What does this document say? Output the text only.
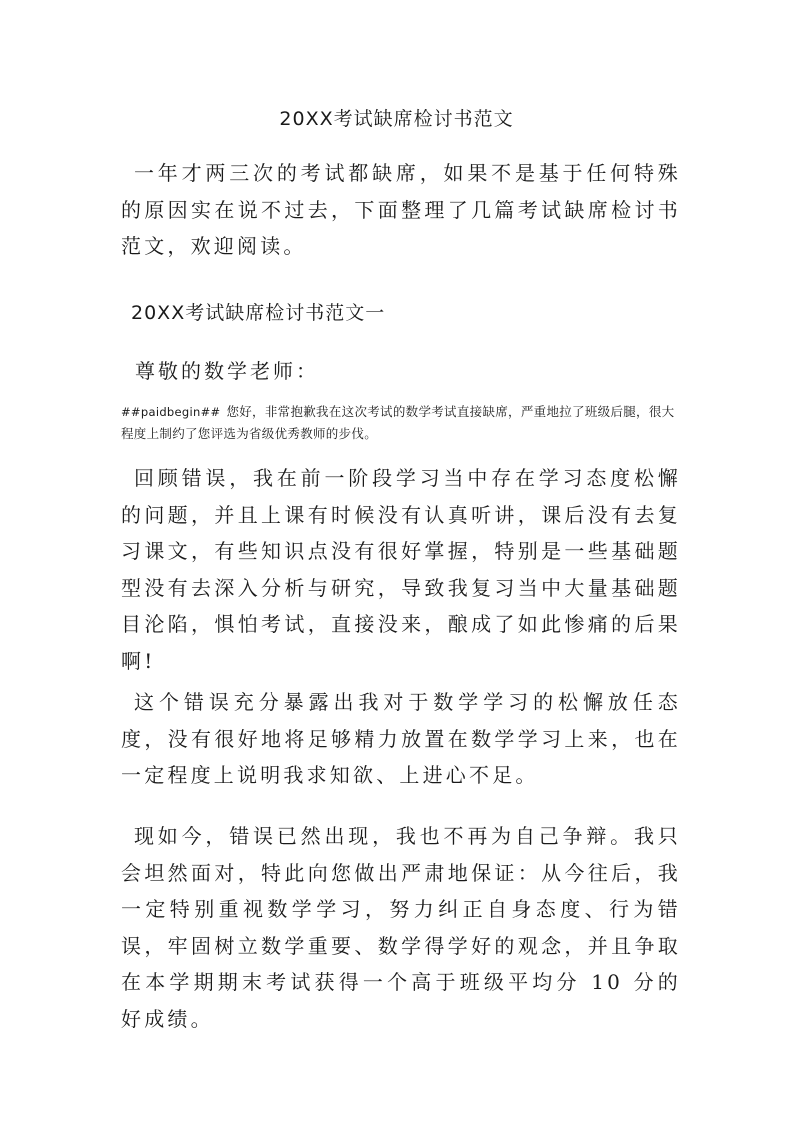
20XX考试缺席检讨书范文

一年才两三次的考试都缺席，如果不是基于任何特殊的原因实在说不过去，下面整理了几篇考试缺席检讨书范文，欢迎阅读。

20XX考试缺席检讨书范文一
尊敬的数学老师：

##paidbegin## 您好，非常抱歉我在这次考试的数学考试直接缺席，严重地拉了班级后腿，很大程度上制约了您评选为省级优秀教师的步伐。

回顾错误，我在前一阶段学习当中存在学习态度松懈的问题，并且上课有时候没有认真听讲，课后没有去复习课文，有些知识点没有很好掌握，特别是一些基础题型没有去深入分析与研究，导致我复习当中大量基础题目沦陷，惧怕考试，直接没来，酿成了如此惨痛的后果啊!

这个错误充分暴露出我对于数学学习的松懈放任态度，没有很好地将足够精力放置在数学学习上来，也在一定程度上说明我求知欲、上进心不足。

现如今，错误已然出现，我也不再为自己争辩。我只会坦然面对，特此向您做出严肃地保证：从今往后，我一定特别重视数学学习，努力纠正自身态度、行为错误，牢固树立数学重要、数学得学好的观念，并且争取在本学期期末考试获得一个高于班级平均分 10 分的好成绩。
